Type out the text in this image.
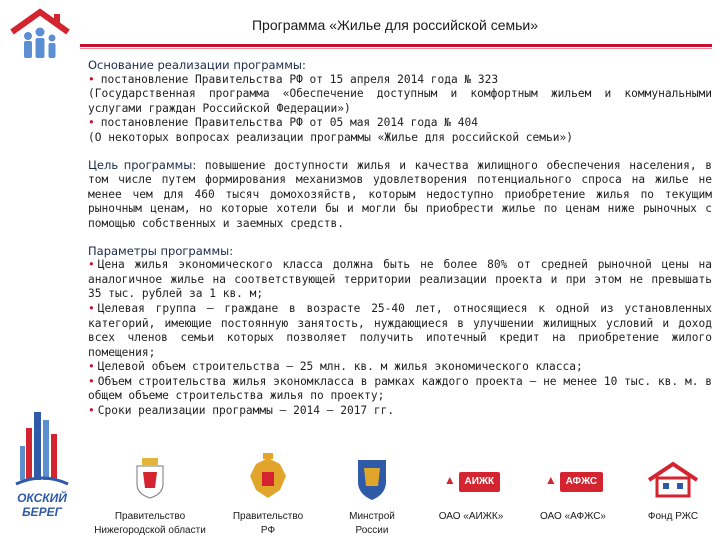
Программа «Жилье для российской семьи»
ОКСКИЙ
БЕРЕГ
Основание реализации программы:

• постановление Правительства РФ от 15 апреля 2014 года № 323

(Государственная программа «Обеспечение доступным и комфортным жильем и коммунальными услугами граждан Российской Федерации»)

• постановление Правительства РФ от 05 мая 2014 года № 404

(О некоторых вопросах реализации программы «Жилье для российской семьи»)

Цель программы: повышение доступности жилья и качества жилищного обеспечения населения, в том числе путем формирования механизмов удовлетворения потенциального спроса на жилье не менее чем для 460 тысяч домохозяйств, которым недоступно приобретение жилья по текущим рыночным ценам, но которые хотели бы и могли бы приобрести жилье по ценам ниже рыночных с помощью собственных и заемных средств.

Параметры программы:

• Цена жилья экономического класса должна быть не более 80% от средней рыночной цены на аналогичное жилье на соответствующей территории реализации проекта и при этом не превышать 35 тыс. рублей за 1 кв. м;

• Целевая группа – граждане в возрасте 25-40 лет, относящиеся к одной из установленных категорий, имеющие постоянную занятость, нуждающиеся в улучшении жилищных условий и доход всех членов семьи которых позволяет получить ипотечный кредит на приобретение жилого помещения;

• Целевой объем строительства – 25 млн. кв. м жилья экономического класса;

• Объем строительства жилья экономкласса в рамках каждого проекта – не менее 10 тыс. кв. м. в общем объеме строительства жилья по проекту;

• Сроки реализации программы – 2014 – 2017 гг.

Правительство
Нижегородской области
Правительство
РФ
Минстрой
России
▲ АИЖК
ОАО «АИЖК»
▲ АФЖС
ОАО «АФЖС»	Фонд РЖС
